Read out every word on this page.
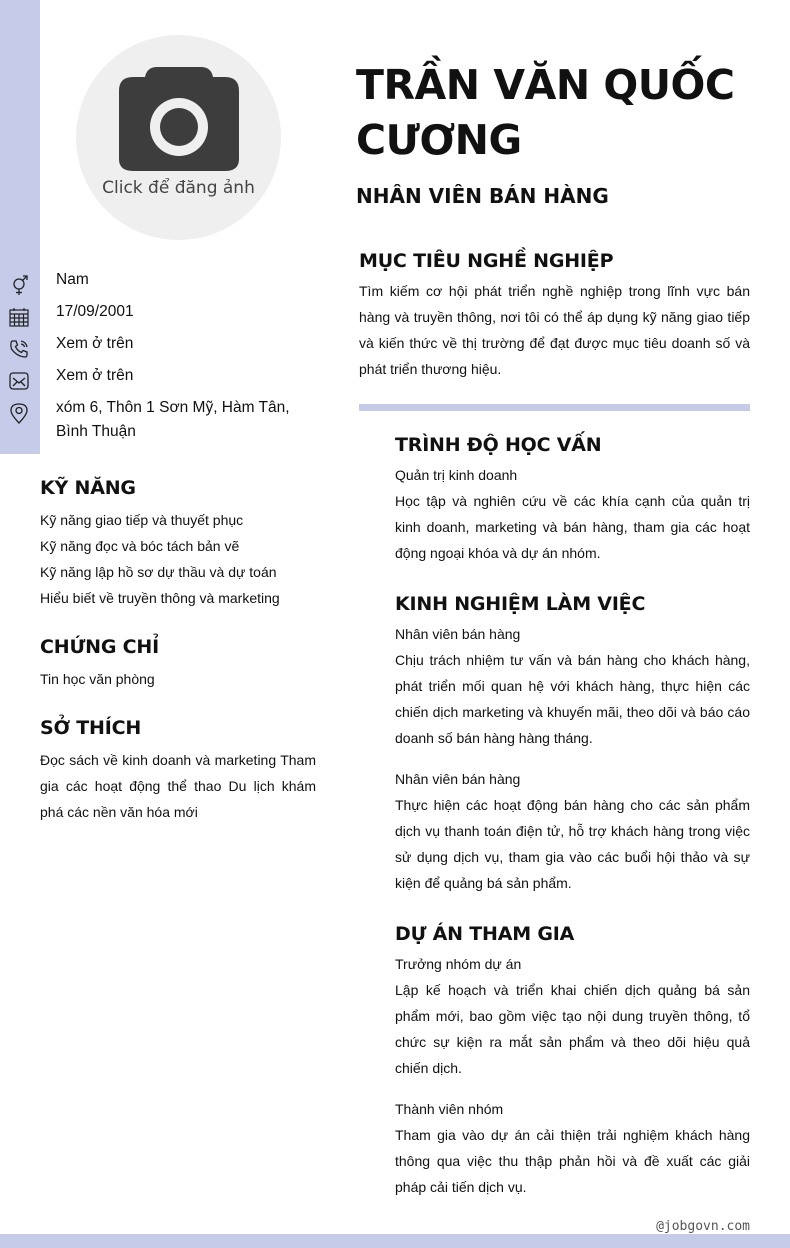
Click để đăng ảnh
Nam
17/09/2001
Xem ở trên
Xem ở trên
xóm 6, Thôn 1 Sơn Mỹ, Hàm Tân, Bình Thuận
KỸ NĂNG
Kỹ năng giao tiếp và thuyết phục
Kỹ năng đọc và bóc tách bản vẽ
Kỹ năng lập hồ sơ dự thầu và dự toán
Hiểu biết về truyền thông và marketing
CHỨNG CHỈ
Tin học văn phòng
SỞ THÍCH
Đọc sách về kinh doanh và marketing Tham gia các hoạt động thể thao Du lịch khám phá các nền văn hóa mới
TRẦN VĂN QUỐC CƯƠNG
NHÂN VIÊN BÁN HÀNG
MỤC TIÊU NGHỀ NGHIỆP
Tìm kiếm cơ hội phát triển nghề nghiệp trong lĩnh vực bán hàng và truyền thông, nơi tôi có thể áp dụng kỹ năng giao tiếp và kiến thức về thị trường để đạt được mục tiêu doanh số và phát triển thương hiệu.
TRÌNH ĐỘ HỌC VẤN
Quản trị kinh doanh
Học tập và nghiên cứu về các khía cạnh của quản trị kinh doanh, marketing và bán hàng, tham gia các hoạt động ngoại khóa và dự án nhóm.
KINH NGHIỆM LÀM VIỆC
Nhân viên bán hàng
Chịu trách nhiệm tư vấn và bán hàng cho khách hàng, phát triển mối quan hệ với khách hàng, thực hiện các chiến dịch marketing và khuyến mãi, theo dõi và báo cáo doanh số bán hàng hàng tháng.
Nhân viên bán hàng
Thực hiện các hoạt động bán hàng cho các sản phẩm dịch vụ thanh toán điện tử, hỗ trợ khách hàng trong việc sử dụng dịch vụ, tham gia vào các buổi hội thảo và sự kiện để quảng bá sản phẩm.
DỰ ÁN THAM GIA
Trưởng nhóm dự án
Lập kế hoạch và triển khai chiến dịch quảng bá sản phẩm mới, bao gồm việc tạo nội dung truyền thông, tổ chức sự kiện ra mắt sản phẩm và theo dõi hiệu quả chiến dịch.
Thành viên nhóm
Tham gia vào dự án cải thiện trải nghiệm khách hàng thông qua việc thu thập phản hồi và đề xuất các giải pháp cải tiến dịch vụ.
@jobgovn.com
